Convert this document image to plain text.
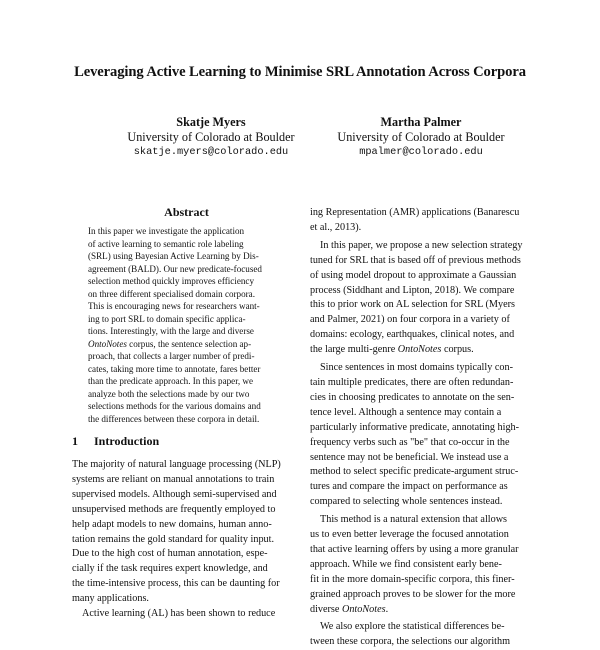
Leveraging Active Learning to Minimise SRL Annotation Across Corpora
Skatje Myers
University of Colorado at Boulder
skatje.myers@colorado.edu
Martha Palmer
University of Colorado at Boulder
mpalmer@colorado.edu
Abstract
In this paper we investigate the application
of active learning to semantic role labeling
(SRL) using Bayesian Active Learning by Dis-
agreement (BALD). Our new predicate-focused
selection method quickly improves efficiency
on three different specialised domain corpora.
This is encouraging news for researchers want-
ing to port SRL to domain specific applica-
tions. Interestingly, with the large and diverse
OntoNotes corpus, the sentence selection ap-
proach, that collects a larger number of predi-
cates, taking more time to annotate, fares better
than the predicate approach. In this paper, we
analyze both the selections made by our two
selections methods for the various domains and
the differences between these corpora in detail.
1 Introduction
The majority of natural language processing (NLP)
systems are reliant on manual annotations to train
supervised models. Although semi-supervised and
unsupervised methods are frequently employed to
help adapt models to new domains, human anno-
tation remains the gold standard for quality input.
Due to the high cost of human annotation, espe-
cially if the task requires expert knowledge, and
the time-intensive process, this can be daunting for
many applications.
Active learning (AL) has been shown to reduce
ing Representation (AMR) applications (Banarescu
et al., 2013).
In this paper, we propose a new selection strategy
tuned for SRL that is based off of previous methods
of using model dropout to approximate a Gaussian
process (Siddhant and Lipton, 2018). We compare
this to prior work on AL selection for SRL (Myers
and Palmer, 2021) on four corpora in a variety of
domains: ecology, earthquakes, clinical notes, and
the large multi-genre OntoNotes corpus.
Since sentences in most domains typically con-
tain multiple predicates, there are often redundan-
cies in choosing predicates to annotate on the sen-
tence level. Although a sentence may contain a
particularly informative predicate, annotating high-
frequency verbs such as "be" that co-occur in the
sentence may not be beneficial. We instead use a
method to select specific predicate-argument struc-
tures and compare the impact on performance as
compared to selecting whole sentences instead.
This method is a natural extension that allows
us to even better leverage the focused annotation
that active learning offers by using a more granular
approach. While we find consistent early bene-
fit in the more domain-specific corpora, this finer-
grained approach proves to be slower for the more
diverse OntoNotes.
We also explore the statistical differences be-
tween these corpora, the selections our algorithm
